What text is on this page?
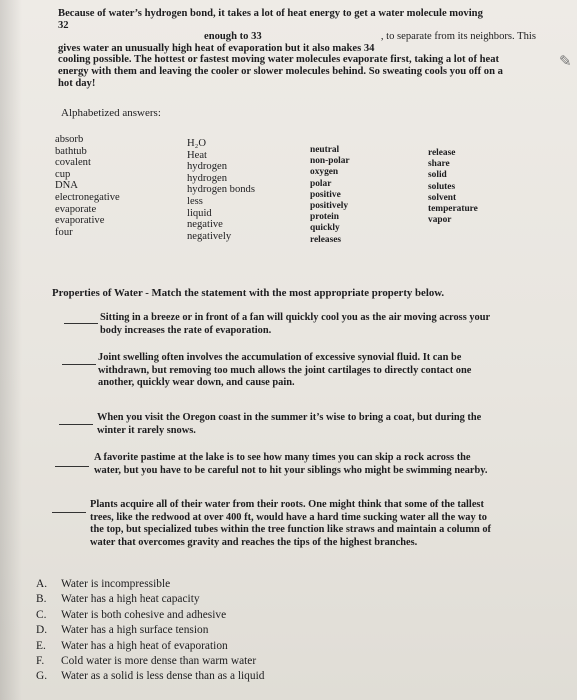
✎
Because of water’s hydrogen bond, it takes a lot of heat energy to get a water molecule moving
32
enough to 33	, to separate from its neighbors. This
gives water an unusually high heat of evaporation but it also makes 34
cooling possible. The hottest or fastest moving water molecules evaporate first, taking a lot of heat
energy with them and leaving the cooler or slower molecules behind. So sweating cools you off on a
hot day!
Alphabetized answers:
absorb
bathtub
covalent
cup
DNA
electronegative
evaporate
evaporative
four
H₂O
Heat
hydrogen
hydrogen
hydrogen bonds
less
liquid
negative
negatively
neutral
non-polar
oxygen
polar
positive
positively
protein
quickly
releases
release
share
solid
solutes
solvent
temperature
vapor
Properties of Water - Match the statement with the most appropriate property below.
Sitting in a breeze or in front of a fan will quickly cool you as the air moving across your
body increases the rate of evaporation.
Joint swelling often involves the accumulation of excessive synovial fluid. It can be
withdrawn, but removing too much allows the joint cartilages to directly contact one
another, quickly wear down, and cause pain.
When you visit the Oregon coast in the summer it’s wise to bring a coat, but during the
winter it rarely snows.
A favorite pastime at the lake is to see how many times you can skip a rock across the
water, but you have to be careful not to hit your siblings who might be swimming nearby.
Plants acquire all of their water from their roots. One might think that some of the tallest
trees, like the redwood at over 400 ft, would have a hard time sucking water all the way to
the top, but specialized tubes within the tree function like straws and maintain a column of
water that overcomes gravity and reaches the tips of the highest branches.
A. Water is incompressible
B. Water has a high heat capacity
C. Water is both cohesive and adhesive
D. Water has a high surface tension
E. Water has a high heat of evaporation
F. Cold water is more dense than warm water
G. Water as a solid is less dense than as a liquid
